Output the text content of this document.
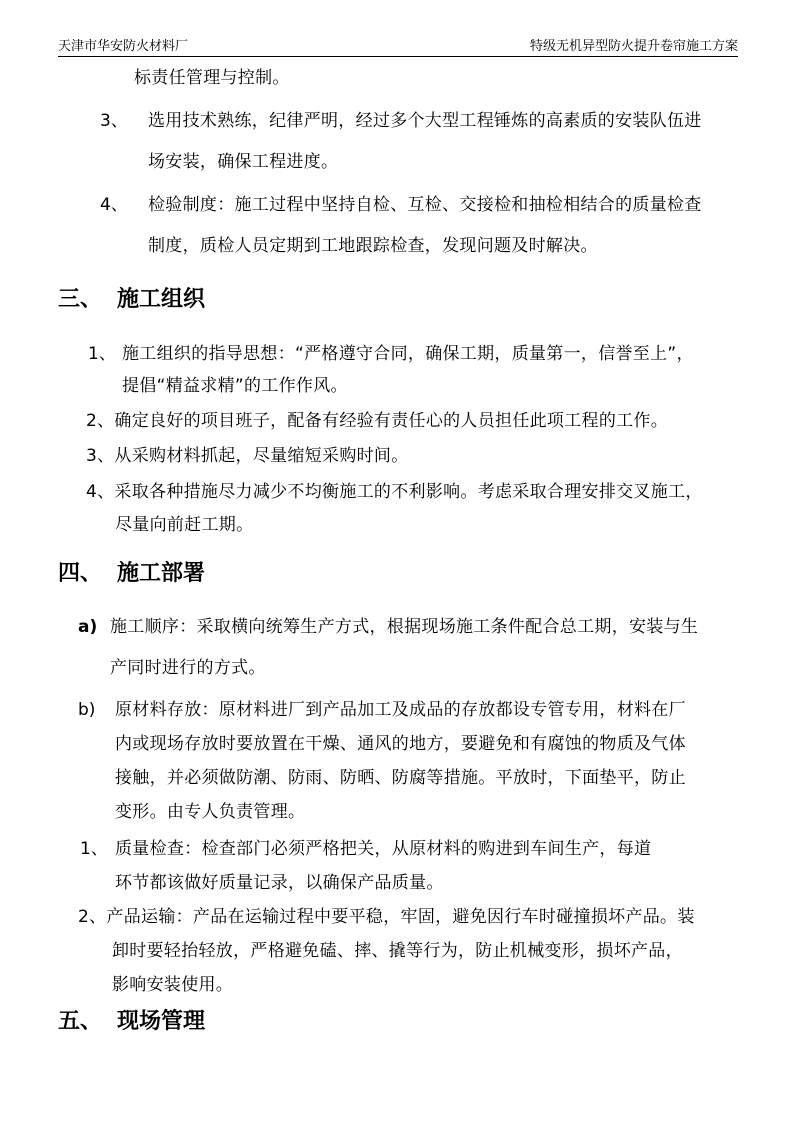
天津市华安防火材料厂	特级无机异型防火提升卷帘施工方案
标责任管理与控制。
3、 选用技术熟练，纪律严明，经过多个大型工程锤炼的高素质的安装队伍进
场安装，确保工程进度。
4、 检验制度：施工过程中坚持自检、互检、交接检和抽检相结合的质量检查
制度，质检人员定期到工地跟踪检查，发现问题及时解决。
三、 施工组织
1、 施工组织的指导思想：“严格遵守合同，确保工期，质量第一，信誉至上”，
提倡“精益求精”的工作作风。
2、确定良好的项目班子，配备有经验有责任心的人员担任此项工程的工作。
3、从采购材料抓起，尽量缩短采购时间。
4、采取各种措施尽力减少不均衡施工的不利影响。考虑采取合理安排交叉施工，
尽量向前赶工期。
四、 施工部署
a) 施工顺序：采取横向统筹生产方式，根据现场施工条件配合总工期，安装与生
产同时进行的方式。
b) 原材料存放：原材料进厂到产品加工及成品的存放都设专管专用，材料在厂
内或现场存放时要放置在干燥、通风的地方，要避免和有腐蚀的物质及气体
接触，并必须做防潮、防雨、防晒、防腐等措施。平放时，下面垫平，防止
变形。由专人负责管理。
1、 质量检查：检查部门必须严格把关，从原材料的购进到车间生产，每道
环节都该做好质量记录，以确保产品质量。
2、产品运输：产品在运输过程中要平稳，牢固，避免因行车时碰撞损坏产品。装
卸时要轻抬轻放，严格避免磕、摔、撬等行为，防止机械变形，损坏产品，
影响安装使用。
五、 现场管理
